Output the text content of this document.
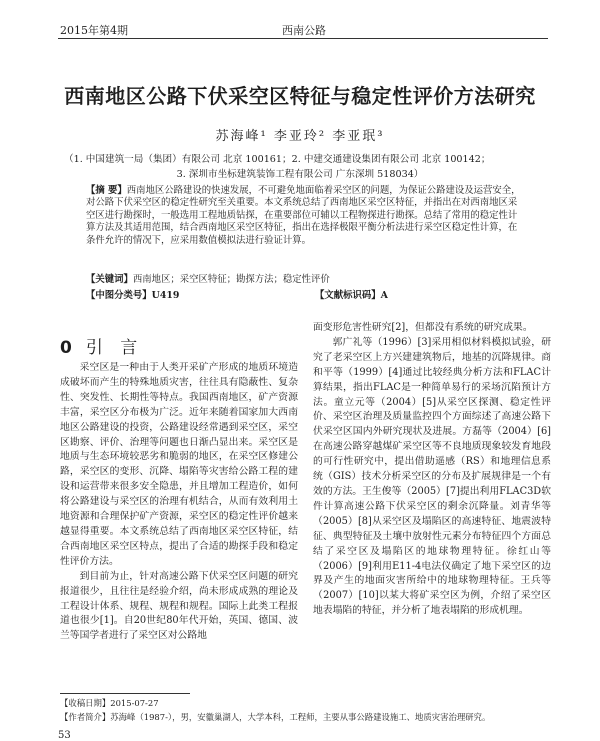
2015年第4期	西南公路
西南地区公路下伏采空区特征与稳定性评价方法研究
苏海峰¹ 李亚玲² 李亚珉³
（1. 中国建筑一局（集团）有限公司 北京 100161；2. 中建交通建设集团有限公司 北京 100142；
3. 深圳市坐标建筑装饰工程有限公司 广东深圳 518034）
【摘 要】西南地区公路建设的快速发展，不可避免地面临着采空区的问题，为保证公路建设及运营安全，对公路下伏采空区的稳定性研究至关重要。本文系统总结了西南地区采空区特征，并指出在对西南地区采空区进行勘探时，一般选用工程地质钻探，在重要部位可辅以工程物探进行勘探。总结了常用的稳定性计算方法及其适用范围，结合西南地区采空区特征，指出在选择极限平衡分析法进行采空区稳定性计算，在条件允许的情况下，应采用数值模拟法进行验证计算。
【关键词】西南地区；采空区特征；勘探方法；稳定性评价
【中图分类号】U419	【文献标识码】A
0 引 言

采空区是一种由于人类开采矿产形成的地质环境造成破坏而产生的特殊地质灾害，往往具有隐蔽性、复杂性、突发性、长期性等特点。我国西南地区，矿产资源丰富，采空区分布极为广泛。近年来随着国家加大西南地区公路建设的投资，公路建设经常遇到采空区，采空区勘察、评价、治理等问题也日渐凸显出来。采空区是地质与生态环境较恶劣和脆弱的地区，在采空区修建公路，采空区的变形、沉降、塌陷等灾害给公路工程的建设和运营带来很多安全隐患，并且增加工程造价，如何将公路建设与采空区的治理有机结合，从而有效利用土地资源和合理保护矿产资源，采空区的稳定性评价越来越显得重要。本文系统总结了西南地区采空区特征，结合西南地区采空区特点，提出了合适的勘探手段和稳定性评价方法。

到目前为止，针对高速公路下伏采空区问题的研究报道很少，且往往是经验介绍，尚未形成成熟的理论及工程设计体系、规程、规程和规程。国际上此类工程报道也很少[1]。自20世纪80年代开始，英国、德国、波兰等国学者进行了采空区对公路地

面变形危害性研究[2]，但都没有系统的研究成果。

郭广礼等（1996）[3]采用相似材料模拟试验，研究了老采空区上方兴建建筑物后，地基的沉降规律。商和平等（1999）[4]通过比较经典分析方法和FLAC计算结果，指出FLAC是一种简单易行的采场沉陷预计方法。童立元等（2004）[5]从采空区探测、稳定性评价、采空区治理及质量监控四个方面综述了高速公路下伏采空区国内外研究现状及进展。方磊等（2004）[6]在高速公路穿越煤矿采空区等不良地质现象较发育地段的可行性研究中，提出借助遥感（RS）和地理信息系统（GIS）技术分析采空区的分布及扩展规律是一个有效的方法。王生俊等（2005）[7]提出利用FLAC3D软件计算高速公路下伏采空区的剩余沉降量。刘青华等（2005）[8]从采空区及塌陷区的高速特征、地震波特征、典型特征及土壤中放射性元素分布特征四个方面总结了采空区及塌陷区的地球物理特征。徐红山等（2006）[9]利用E11-4电法仪确定了地下采空区的边界及产生的地面灾害所给中的地球物理特征。王兵等（2007）[10]以某大将矿采空区为例，介绍了采空区地表塌陷的特征，并分析了地表塌陷的形成机理。

【收稿日期】2015-07-27
【作者简介】苏海峰（1987-），男，安徽巢湖人，大学本科，工程师，主要从事公路建设施工、地质灾害治理研究。
53
